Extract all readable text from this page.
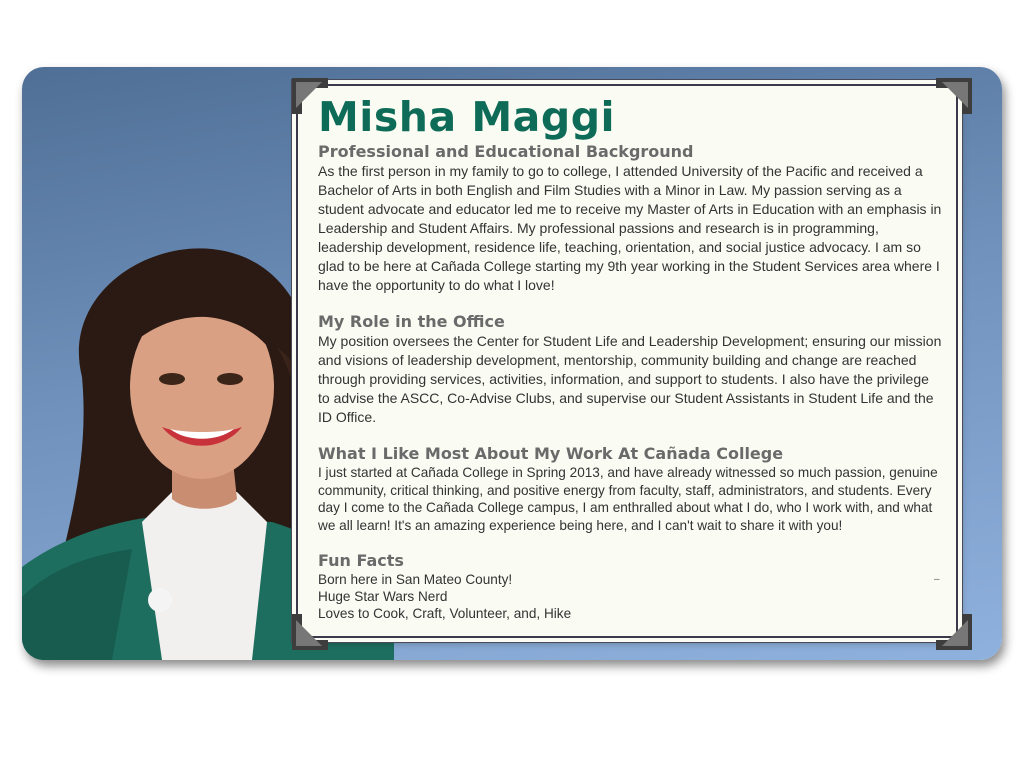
Misha Maggi
Professional and Educational Background

As the first person in my family to go to college, I attended University of the Pacific and received a Bachelor of Arts in both English and Film Studies with a Minor in Law. My passion serving as a student advocate and educator led me to receive my Master of Arts in Education with an emphasis in Leadership and Student Affairs. My professional passions and research is in programming, leadership development, residence life, teaching, orientation, and social justice advocacy. I am so glad to be here at Cañada College starting my 9th year working in the Student Services area where I have the opportunity to do what I love!

My Role in the Office

My position oversees the Center for Student Life and Leadership Development; ensuring our mission and visions of leadership development, mentorship, community building and change are reached through providing services, activities, information, and support to students. I also have the privilege to advise the ASCC, Co-Advise Clubs, and supervise our Student Assistants in Student Life and the ID Office.

What I Like Most About My Work At Cañada College

I just started at Cañada College in Spring 2013, and have already witnessed so much passion, genuine community, critical thinking, and positive energy from faculty, staff, administrators, and students. Every day I come to the Cañada College campus, I am enthralled about what I do, who I work with, and what we all learn! It's an amazing experience being here, and I can't wait to share it with you!

Fun Facts
Born here in San Mateo County!
Huge Star Wars Nerd
Loves to Cook, Craft, Volunteer, and, Hike
–
